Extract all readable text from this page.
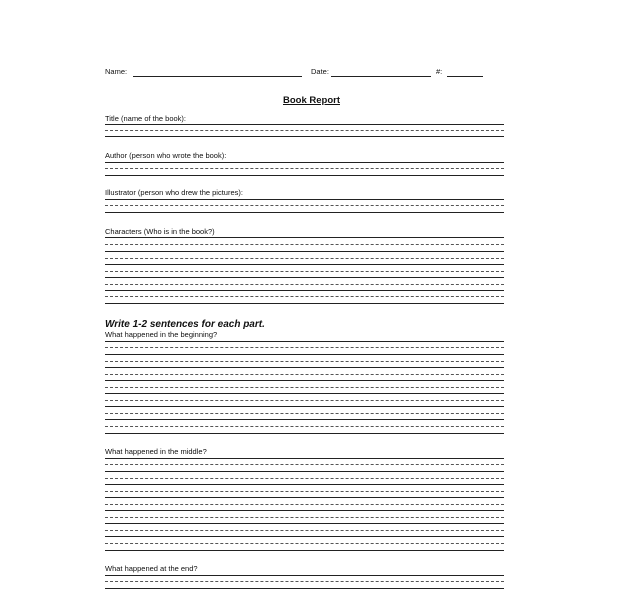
Name:	Date:	#:
Book Report
Title (name of the book):
Author (person who wrote the book):
Illustrator (person who drew the pictures):
Characters (Who is in the book?)
Write 1-2 sentences for each part.
What happened in the beginning?
What happened in the middle?
What happened at the end?
